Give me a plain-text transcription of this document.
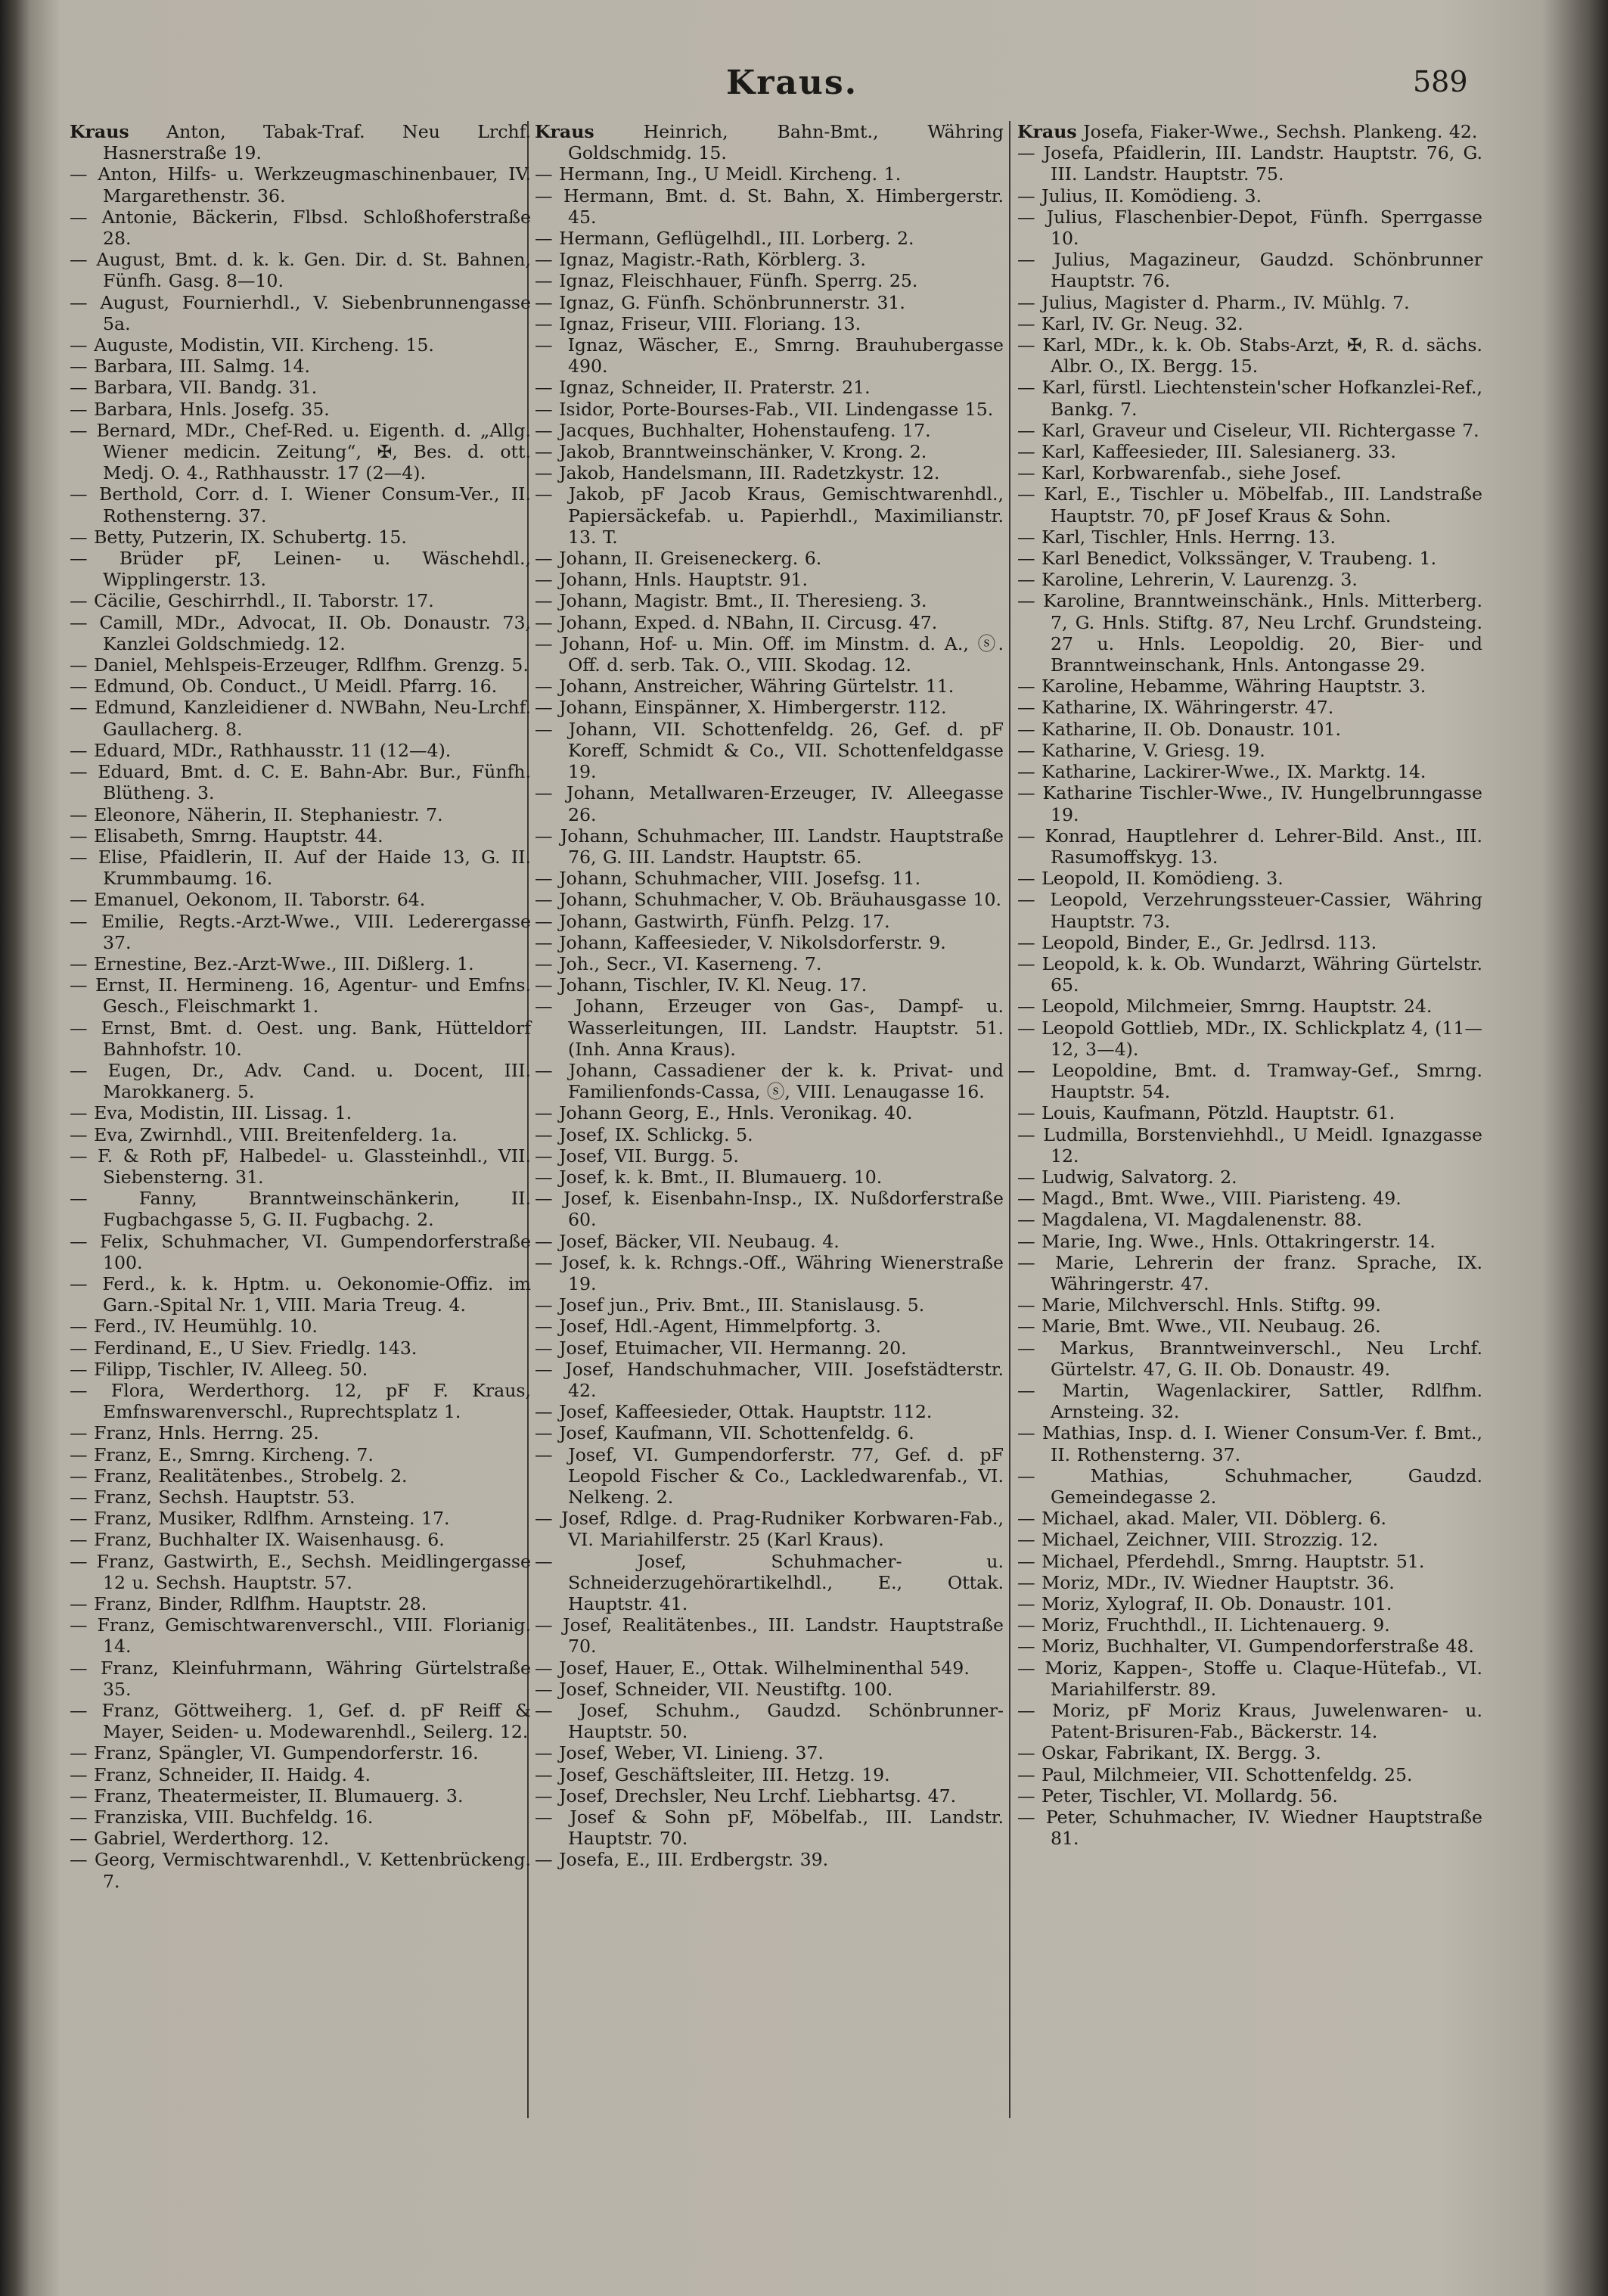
Kraus.	589

Kraus Anton, Tabak-Traf. Neu Lrchf. Hasnerstraße 19.

— Anton, Hilfs- u. Werkzeugmaschinenbauer, IV. Margarethenstr. 36.

— Antonie, Bäckerin, Flbsd. Schloßhoferstraße 28.

— August, Bmt. d. k. k. Gen. Dir. d. St. Bahnen, Fünfh. Gasg. 8—10.

— August, Fournierhdl., V. Siebenbrunnengasse 5a.

— Auguste, Modistin, VII. Kircheng. 15.

— Barbara, III. Salmg. 14.

— Barbara, VII. Bandg. 31.

— Barbara, Hnls. Josefg. 35.

— Bernard, MDr., Chef-Red. u. Eigenth. d. „Allg. Wiener medicin. Zeitung“, ✠, Bes. d. ott. Medj. O. 4., Rathhausstr. 17 (2—4).

— Berthold, Corr. d. I. Wiener Consum-Ver., II. Rothensterng. 37.

— Betty, Putzerin, IX. Schubertg. 15.

— Brüder pF, Leinen- u. Wäschehdl., Wipplingerstr. 13.

— Cäcilie, Geschirrhdl., II. Taborstr. 17.

— Camill, MDr., Advocat, II. Ob. Donaustr. 73, Kanzlei Goldschmiedg. 12.

— Daniel, Mehlspeis-Erzeuger, Rdlfhm. Grenzg. 5.

— Edmund, Ob. Conduct., U Meidl. Pfarrg. 16.

— Edmund, Kanzleidiener d. NWBahn, Neu-Lrchf. Gaullacherg. 8.

— Eduard, MDr., Rathhausstr. 11 (12—4).

— Eduard, Bmt. d. C. E. Bahn-Abr. Bur., Fünfh. Blütheng. 3.

— Eleonore, Näherin, II. Stephaniestr. 7.

— Elisabeth, Smrng. Hauptstr. 44.

— Elise, Pfaidlerin, II. Auf der Haide 13, G. II. Krummbaumg. 16.

— Emanuel, Oekonom, II. Taborstr. 64.

— Emilie, Regts.-Arzt-Wwe., VIII. Lederergasse 37.

— Ernestine, Bez.-Arzt-Wwe., III. Dißlerg. 1.

— Ernst, II. Hermineng. 16, Agentur- und Emfns. Gesch., Fleischmarkt 1.

— Ernst, Bmt. d. Oest. ung. Bank, Hütteldorf Bahnhofstr. 10.

— Eugen, Dr., Adv. Cand. u. Docent, III. Marokkanerg. 5.

— Eva, Modistin, III. Lissag. 1.

— Eva, Zwirnhdl., VIII. Breitenfelderg. 1a.

— F. & Roth pF, Halbedel- u. Glassteinhdl., VII. Siebensterng. 31.

— Fanny, Branntweinschänkerin, II. Fugbachgasse 5, G. II. Fugbachg. 2.

— Felix, Schuhmacher, VI. Gumpendorferstraße 100.

— Ferd., k. k. Hptm. u. Oekonomie-Offiz. im Garn.-Spital Nr. 1, VIII. Maria Treug. 4.

— Ferd., IV. Heumühlg. 10.

— Ferdinand, E., U Siev. Friedlg. 143.

— Filipp, Tischler, IV. Alleeg. 50.

— Flora, Werderthorg. 12, pF F. Kraus, Emfnswarenverschl., Ruprechtsplatz 1.

— Franz, Hnls. Herrng. 25.

— Franz, E., Smrng. Kircheng. 7.

— Franz, Realitätenbes., Strobelg. 2.

— Franz, Sechsh. Hauptstr. 53.

— Franz, Musiker, Rdlfhm. Arnsteing. 17.

— Franz, Buchhalter IX. Waisenhausg. 6.

— Franz, Gastwirth, E., Sechsh. Meidlingergasse 12 u. Sechsh. Hauptstr. 57.

— Franz, Binder, Rdlfhm. Hauptstr. 28.

— Franz, Gemischtwarenverschl., VIII. Florianig. 14.

— Franz, Kleinfuhrmann, Währing Gürtelstraße 35.

— Franz, Göttweiherg. 1, Gef. d. pF Reiff & Mayer, Seiden- u. Modewarenhdl., Seilerg. 12.

— Franz, Spängler, VI. Gumpendorferstr. 16.

— Franz, Schneider, II. Haidg. 4.

— Franz, Theatermeister, II. Blumauerg. 3.

— Franziska, VIII. Buchfeldg. 16.

— Gabriel, Werderthorg. 12.

— Georg, Vermischtwarenhdl., V. Kettenbrückeng. 7.

Kraus Heinrich, Bahn-Bmt., Währing Goldschmidg. 15.

— Hermann, Ing., U Meidl. Kircheng. 1.

— Hermann, Bmt. d. St. Bahn, X. Himbergerstr. 45.

— Hermann, Geflügelhdl., III. Lorberg. 2.

— Ignaz, Magistr.-Rath, Körblerg. 3.

— Ignaz, Fleischhauer, Fünfh. Sperrg. 25.

— Ignaz, G. Fünfh. Schönbrunnerstr. 31.

— Ignaz, Friseur, VIII. Floriang. 13.

— Ignaz, Wäscher, E., Smrng. Brauhubergasse 490.

— Ignaz, Schneider, II. Praterstr. 21.

— Isidor, Porte-Bourses-Fab., VII. Lindengasse 15.

— Jacques, Buchhalter, Hohenstaufeng. 17.

— Jakob, Branntweinschänker, V. Krong. 2.

— Jakob, Handelsmann, III. Radetzkystr. 12.

— Jakob, pF Jacob Kraus, Gemischtwarenhdl., Papiersäckefab. u. Papierhdl., Maximilianstr. 13. T.

— Johann, II. Greiseneckerg. 6.

— Johann, Hnls. Hauptstr. 91.

— Johann, Magistr. Bmt., II. Theresieng. 3.

— Johann, Exped. d. NBahn, II. Circusg. 47.

— Johann, Hof- u. Min. Off. im Minstm. d. A., ⓢ. Off. d. serb. Tak. O., VIII. Skodag. 12.

— Johann, Anstreicher, Währing Gürtelstr. 11.

— Johann, Einspänner, X. Himbergerstr. 112.

— Johann, VII. Schottenfeldg. 26, Gef. d. pF Koreff, Schmidt & Co., VII. Schottenfeldgasse 19.

— Johann, Metallwaren-Erzeuger, IV. Alleegasse 26.

— Johann, Schuhmacher, III. Landstr. Hauptstraße 76, G. III. Landstr. Hauptstr. 65.

— Johann, Schuhmacher, VIII. Josefsg. 11.

— Johann, Schuhmacher, V. Ob. Bräuhausgasse 10.

— Johann, Gastwirth, Fünfh. Pelzg. 17.

— Johann, Kaffeesieder, V. Nikolsdorferstr. 9.

— Joh., Secr., VI. Kaserneng. 7.

— Johann, Tischler, IV. Kl. Neug. 17.

— Johann, Erzeuger von Gas-, Dampf- u. Wasserleitungen, III. Landstr. Hauptstr. 51. (Inh. Anna Kraus).

— Johann, Cassadiener der k. k. Privat- und Familienfonds-Cassa, ⓢ, VIII. Lenaugasse 16.

— Johann Georg, E., Hnls. Veronikag. 40.

— Josef, IX. Schlickg. 5.

— Josef, VII. Burgg. 5.

— Josef, k. k. Bmt., II. Blumauerg. 10.

— Josef, k. Eisenbahn-Insp., IX. Nußdorferstraße 60.

— Josef, Bäcker, VII. Neubaug. 4.

— Josef, k. k. Rchngs.-Off., Währing Wienerstraße 19.

— Josef jun., Priv. Bmt., III. Stanislausg. 5.

— Josef, Hdl.-Agent, Himmelpfortg. 3.

— Josef, Etuimacher, VII. Hermanng. 20.

— Josef, Handschuhmacher, VIII. Josefstädterstr. 42.

— Josef, Kaffeesieder, Ottak. Hauptstr. 112.

— Josef, Kaufmann, VII. Schottenfeldg. 6.

— Josef, VI. Gumpendorferstr. 77, Gef. d. pF Leopold Fischer & Co., Lackledwarenfab., VI. Nelkeng. 2.

— Josef, Rdlge. d. Prag-Rudniker Korbwaren-Fab., VI. Mariahilferstr. 25 (Karl Kraus).

— Josef, Schuhmacher- u. Schneiderzugehörartikelhdl., E., Ottak. Hauptstr. 41.

— Josef, Realitätenbes., III. Landstr. Hauptstraße 70.

— Josef, Hauer, E., Ottak. Wilhelminenthal 549.

— Josef, Schneider, VII. Neustiftg. 100.

— Josef, Schuhm., Gaudzd. Schönbrunner-Hauptstr. 50.

— Josef, Weber, VI. Linieng. 37.

— Josef, Geschäftsleiter, III. Hetzg. 19.

— Josef, Drechsler, Neu Lrchf. Liebhartsg. 47.

— Josef & Sohn pF, Möbelfab., III. Landstr. Hauptstr. 70.

— Josefa, E., III. Erdbergstr. 39.

Kraus Josefa, Fiaker-Wwe., Sechsh. Plankeng. 42.

— Josefa, Pfaidlerin, III. Landstr. Hauptstr. 76, G. III. Landstr. Hauptstr. 75.

— Julius, II. Komödieng. 3.

— Julius, Flaschenbier-Depot, Fünfh. Sperrgasse 10.

— Julius, Magazineur, Gaudzd. Schönbrunner Hauptstr. 76.

— Julius, Magister d. Pharm., IV. Mühlg. 7.

— Karl, IV. Gr. Neug. 32.

— Karl, MDr., k. k. Ob. Stabs-Arzt, ✠, R. d. sächs. Albr. O., IX. Bergg. 15.

— Karl, fürstl. Liechtenstein'scher Hofkanzlei-Ref., Bankg. 7.

— Karl, Graveur und Ciseleur, VII. Richtergasse 7.

— Karl, Kaffeesieder, III. Salesianerg. 33.

— Karl, Korbwarenfab., siehe Josef.

— Karl, E., Tischler u. Möbelfab., III. Landstraße Hauptstr. 70, pF Josef Kraus & Sohn.

— Karl, Tischler, Hnls. Herrng. 13.

— Karl Benedict, Volkssänger, V. Traubeng. 1.

— Karoline, Lehrerin, V. Laurenzg. 3.

— Karoline, Branntweinschänk., Hnls. Mitterberg. 7, G. Hnls. Stiftg. 87, Neu Lrchf. Grundsteing. 27 u. Hnls. Leopoldig. 20, Bier- und Branntweinschank, Hnls. Antongasse 29.

— Karoline, Hebamme, Währing Hauptstr. 3.

— Katharine, IX. Währingerstr. 47.

— Katharine, II. Ob. Donaustr. 101.

— Katharine, V. Griesg. 19.

— Katharine, Lackirer-Wwe., IX. Marktg. 14.

— Katharine Tischler-Wwe., IV. Hungelbrunngasse 19.

— Konrad, Hauptlehrer d. Lehrer-Bild. Anst., III. Rasumoffskyg. 13.

— Leopold, II. Komödieng. 3.

— Leopold, Verzehrungssteuer-Cassier, Währing Hauptstr. 73.

— Leopold, Binder, E., Gr. Jedlrsd. 113.

— Leopold, k. k. Ob. Wundarzt, Währing Gürtelstr. 65.

— Leopold, Milchmeier, Smrng. Hauptstr. 24.

— Leopold Gottlieb, MDr., IX. Schlickplatz 4, (11—12, 3—4).

— Leopoldine, Bmt. d. Tramway-Gef., Smrng. Hauptstr. 54.

— Louis, Kaufmann, Pötzld. Hauptstr. 61.

— Ludmilla, Borstenviehhdl., U Meidl. Ignazgasse 12.

— Ludwig, Salvatorg. 2.

— Magd., Bmt. Wwe., VIII. Piaristeng. 49.

— Magdalena, VI. Magdalenenstr. 88.

— Marie, Ing. Wwe., Hnls. Ottakringerstr. 14.

— Marie, Lehrerin der franz. Sprache, IX. Währingerstr. 47.

— Marie, Milchverschl. Hnls. Stiftg. 99.

— Marie, Bmt. Wwe., VII. Neubaug. 26.

— Markus, Branntweinverschl., Neu Lrchf. Gürtelstr. 47, G. II. Ob. Donaustr. 49.

— Martin, Wagenlackirer, Sattler, Rdlfhm. Arnsteing. 32.

— Mathias, Insp. d. I. Wiener Consum-Ver. f. Bmt., II. Rothensterng. 37.

— Mathias, Schuhmacher, Gaudzd. Gemeindegasse 2.

— Michael, akad. Maler, VII. Döblerg. 6.

— Michael, Zeichner, VIII. Strozzig. 12.

— Michael, Pferdehdl., Smrng. Hauptstr. 51.

— Moriz, MDr., IV. Wiedner Hauptstr. 36.

— Moriz, Xylograf, II. Ob. Donaustr. 101.

— Moriz, Fruchthdl., II. Lichtenauerg. 9.

— Moriz, Buchhalter, VI. Gumpendorferstraße 48.

— Moriz, Kappen-, Stoffe u. Claque-Hütefab., VI. Mariahilferstr. 89.

— Moriz, pF Moriz Kraus, Juwelenwaren- u. Patent-Brisuren-Fab., Bäckerstr. 14.

— Oskar, Fabrikant, IX. Bergg. 3.

— Paul, Milchmeier, VII. Schottenfeldg. 25.

— Peter, Tischler, VI. Mollardg. 56.

— Peter, Schuhmacher, IV. Wiedner Hauptstraße 81.
